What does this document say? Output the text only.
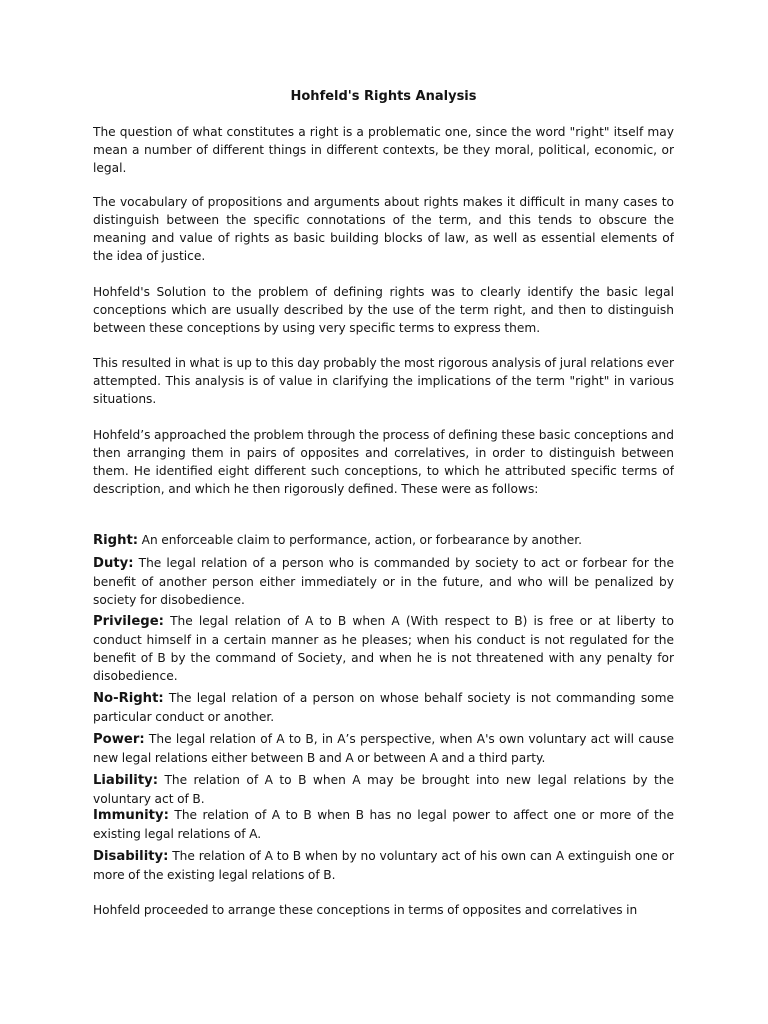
Hohfeld's Rights Analysis

The question of what constitutes a right is a problematic one, since the word "right" itself may mean a number of different things in different contexts, be they moral, political, economic, or legal.

The vocabulary of propositions and arguments about rights makes it difficult in many cases to distinguish between the specific connotations of the term, and this tends to obscure the meaning and value of rights as basic building blocks of law, as well as essential elements of the idea of justice.

Hohfeld's Solution to the problem of defining rights was to clearly identify the basic legal conceptions which are usually described by the use of the term right, and then to distinguish between these conceptions by using very specific terms to express them.

This resulted in what is up to this day probably the most rigorous analysis of jural relations ever attempted. This analysis is of value in clarifying the implications of the term "right" in various situations.

Hohfeld’s approached the problem through the process of defining these basic conceptions and then arranging them in pairs of opposites and correlatives, in order to distinguish between them. He identified eight different such conceptions, to which he attributed specific terms of description, and which he then rigorously defined. These were as follows:

Right: An enforceable claim to performance, action, or forbearance by another.

Duty: The legal relation of a person who is commanded by society to act or forbear for the benefit of another person either immediately or in the future, and who will be penalized by society for disobedience.

Privilege: The legal relation of A to B when A (With respect to B) is free or at liberty to conduct himself in a certain manner as he pleases; when his conduct is not regulated for the benefit of B by the command of Society, and when he is not threatened with any penalty for disobedience.

No-Right: The legal relation of a person on whose behalf society is not commanding some particular conduct or another.

Power: The legal relation of A to B, in A’s perspective, when A's own voluntary act will cause new legal relations either between B and A or between A and a third party.

Liability: The relation of A to B when A may be brought into new legal relations by the voluntary act of B.

Immunity: The relation of A to B when B has no legal power to affect one or more of the existing legal relations of A.

Disability: The relation of A to B when by no voluntary act of his own can A extinguish one or more of the existing legal relations of B.

Hohfeld proceeded to arrange these conceptions in terms of opposites and correlatives in
